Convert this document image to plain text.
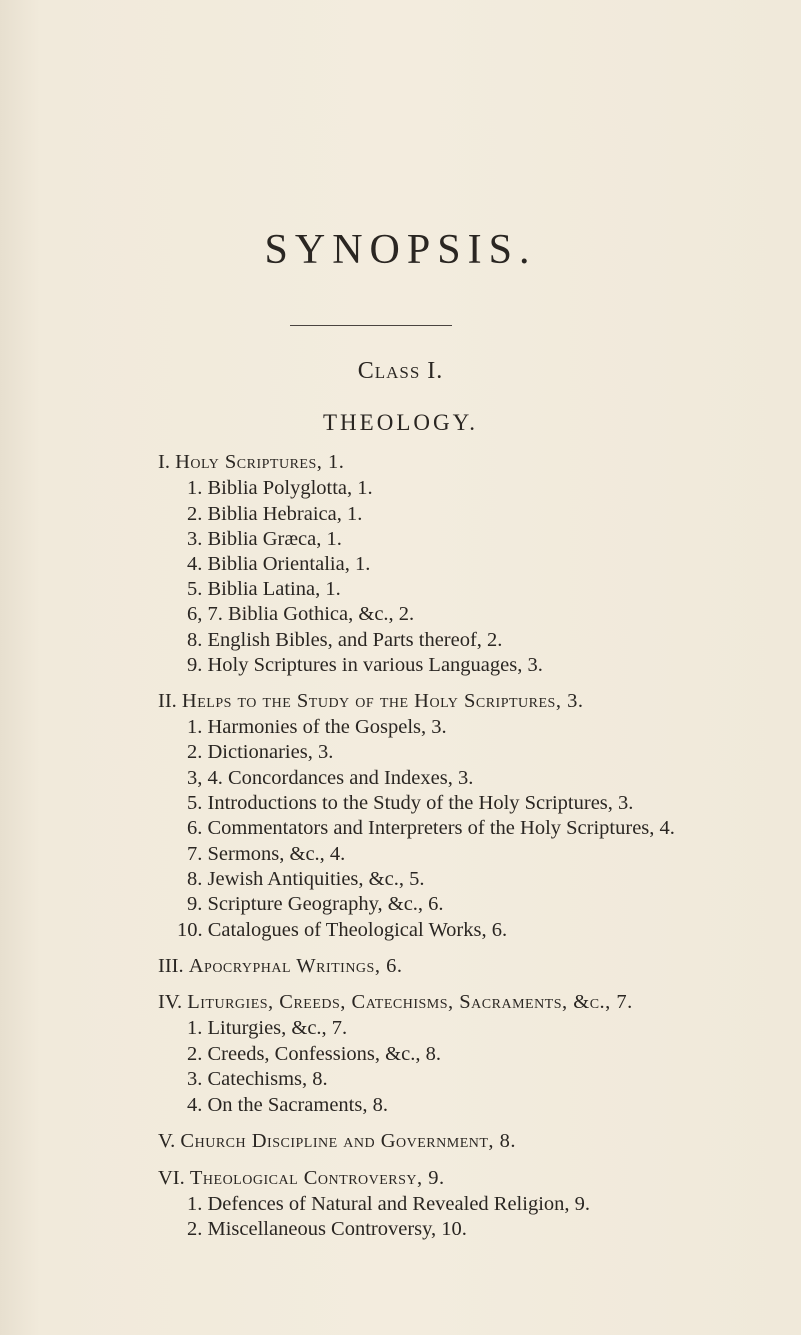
SYNOPSIS.
Class I.
THEOLOGY.
I. Holy Scriptures, 1.
1. Biblia Polyglotta, 1.
2. Biblia Hebraica, 1.
3. Biblia Græca, 1.
4. Biblia Orientalia, 1.
5. Biblia Latina, 1.
6, 7. Biblia Gothica, &c., 2.
8. English Bibles, and Parts thereof, 2.
9. Holy Scriptures in various Languages, 3.
II. Helps to the Study of the Holy Scriptures, 3.
1. Harmonies of the Gospels, 3.
2. Dictionaries, 3.
3, 4. Concordances and Indexes, 3.
5. Introductions to the Study of the Holy Scriptures, 3.
6. Commentators and Interpreters of the Holy Scriptures, 4.
7. Sermons, &c., 4.
8. Jewish Antiquities, &c., 5.
9. Scripture Geography, &c., 6.
10. Catalogues of Theological Works, 6.
III. Apocryphal Writings, 6.
IV. Liturgies, Creeds, Catechisms, Sacraments, &c., 7.
1. Liturgies, &c., 7.
2. Creeds, Confessions, &c., 8.
3. Catechisms, 8.
4. On the Sacraments, 8.
V. Church Discipline and Government, 8.
VI. Theological Controversy, 9.
1. Defences of Natural and Revealed Religion, 9.
2. Miscellaneous Controversy, 10.
